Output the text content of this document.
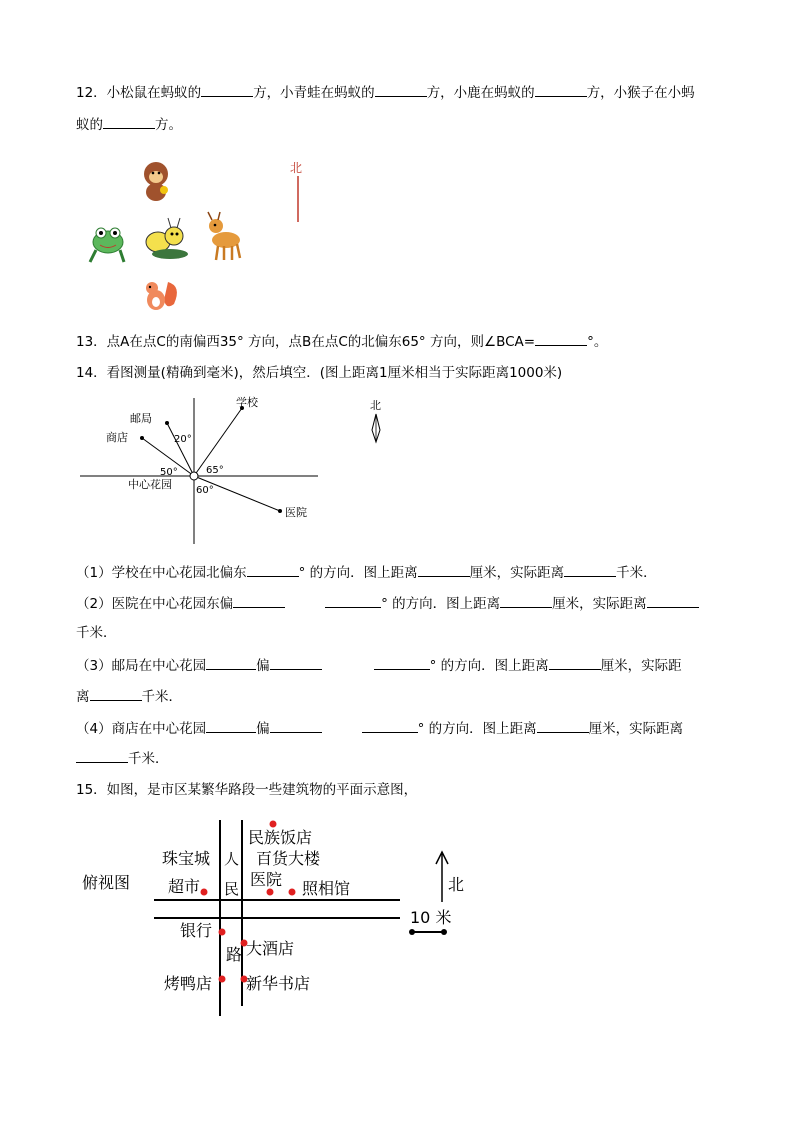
12．小松鼠在蚂蚁的	方，小青蛙在蚂蚁的	方，小鹿在蚂蚁的	方，小猴子在小蚂
蚁的	方。
北
13．点A在点C的南偏西35° 方向，点B在点C的北偏东65° 方向，则∠BCA=	°。
14．看图测量(精确到毫米)，然后填空．(图上距离1厘米相当于实际距离1000米)
学校
邮局
商店
中心花园
医院
20°
50°	65°
60°
北
（1）学校在中心花园北偏东	° 的方向．图上距离	厘米，实际距离	千米．
（2）医院在中心花园东偏	° 的方向．图上距离	厘米，实际距离
千米．
（3）邮局在中心花园	偏	° 的方向．图上距离	厘米，实际距
离	千米．
（4）商店在中心花园	偏	° 的方向．图上距离	厘米，实际距离
千米．
15．如图，是市区某繁华路段一些建筑物的平面示意图，
人
民
路
俯视图
民族饭店
珠宝城	百货大楼
超市	医院 照相馆
银行
大酒店
烤鸭店 新华书店
北
10 米
